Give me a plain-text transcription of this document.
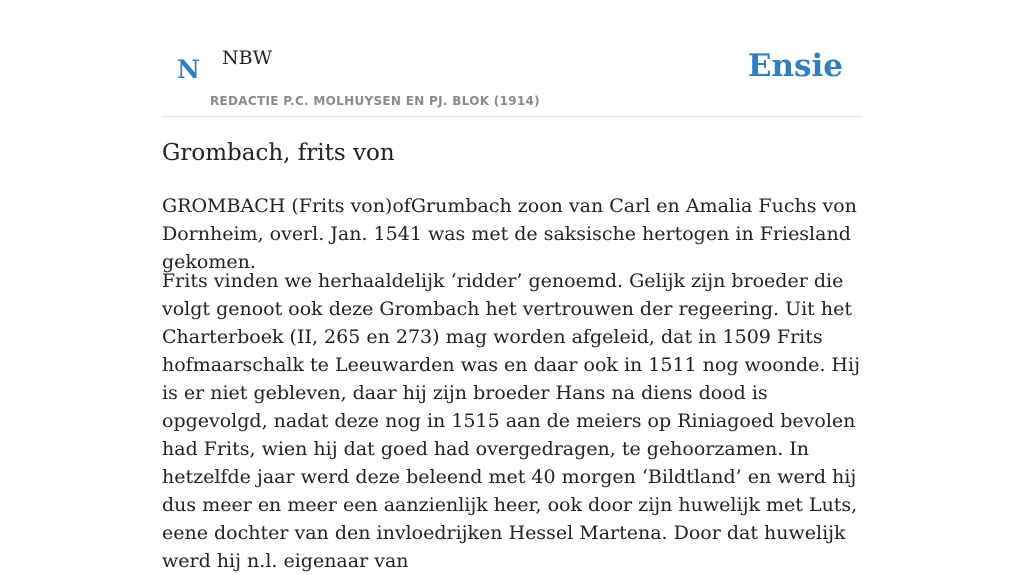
N NBW
REDACTIE P.C. MOLHUYSEN EN PJ. BLOK (1914)
Ensie
Grombach, frits von

GROMBACH (Frits von)ofGrumbach zoon van Carl en Amalia Fuchs von Dornheim, overl. Jan. 1541 was met de saksische hertogen in Friesland gekomen.

Frits vinden we herhaaldelijk ‘ridder’ genoemd. Gelijk zijn broeder die volgt genoot ook deze Grombach het vertrouwen der regeering. Uit het Charterboek (II, 265 en 273) mag worden afgeleid, dat in 1509 Frits hofmaarschalk te Leeuwarden was en daar ook in 1511 nog woonde. Hij is er niet gebleven, daar hij zijn broeder Hans na diens dood is opgevolgd, nadat deze nog in 1515 aan de meiers op Riniagoed bevolen had Frits, wien hij dat goed had overgedragen, te gehoorzamen. In hetzelfde jaar werd deze beleend met 40 morgen ‘Bildtland’ en werd hij dus meer en meer een aanzienlijk heer, ook door zijn huwelijk met Luts, eene dochter van den invloedrijken Hessel Martena. Door dat huwelijk werd hij n.l. eigenaar van
